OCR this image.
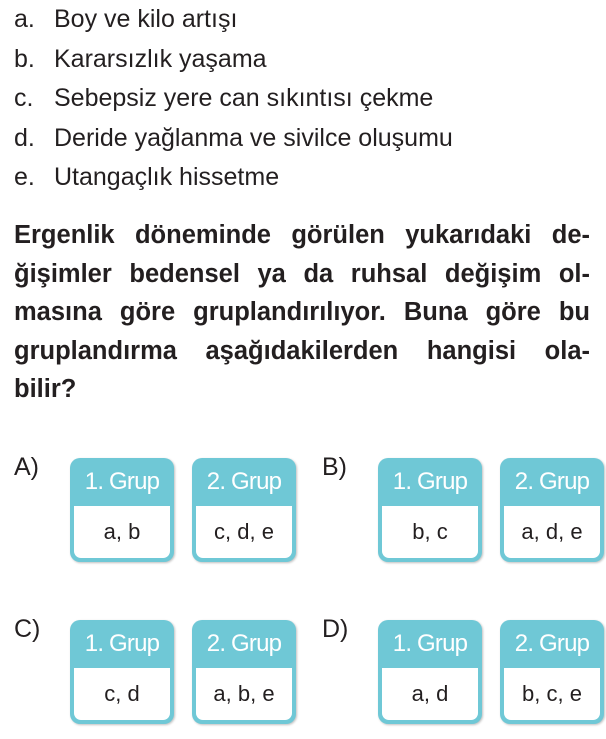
a. Boy ve kilo artışı
b. Kararsızlık yaşama
c. Sebepsiz yere can sıkıntısı çekme
d. Deride yağlanma ve sivilce oluşumu
e. Utangaçlık hissetme

Ergenlik döneminde görülen yukarıdaki de-
ğişimler bedensel ya da ruhsal değişim ol-
masına göre gruplandırılıyor. Buna göre bu
gruplandırma aşağıdakilerden hangisi ola-
bilir?

A)
1. Grup
a, b
2. Grup
c, d, e
B)
1. Grup
b, c
2. Grup
a, d, e
C)
1. Grup
c, d
2. Grup
a, b, e
D)
1. Grup
a, d
2. Grup
b, c, e
